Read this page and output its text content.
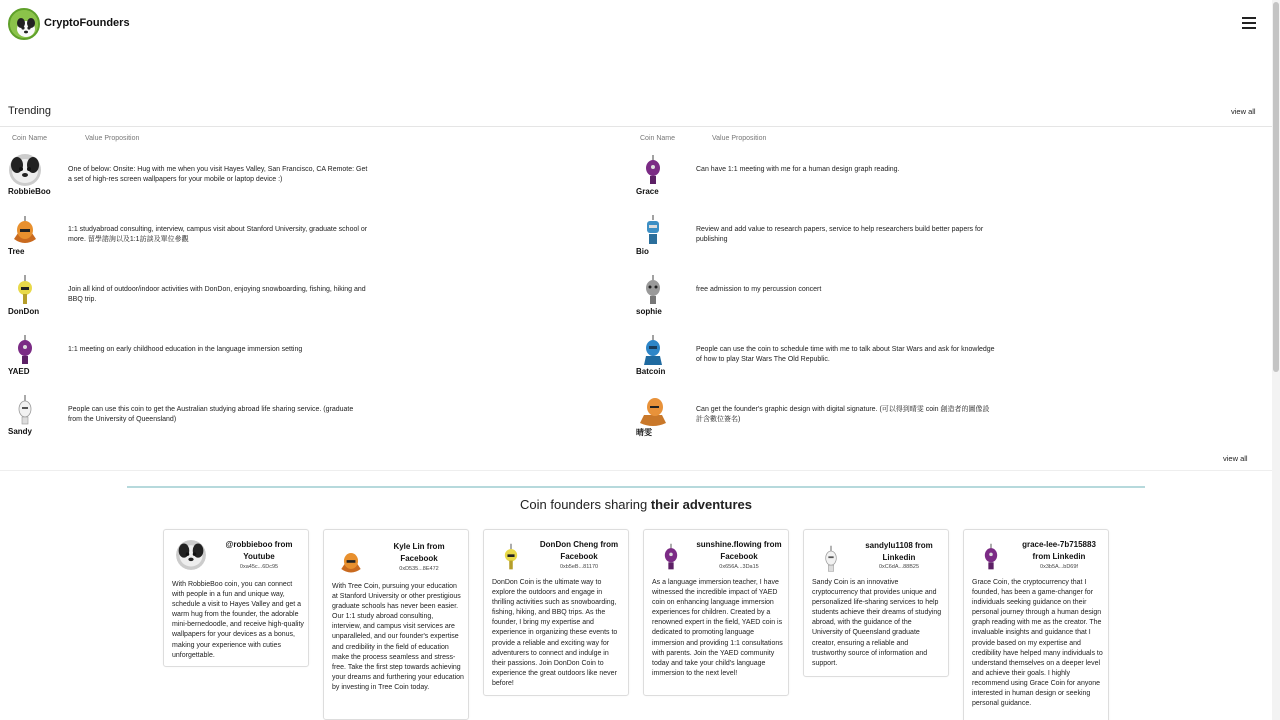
CryptoFounders
Trending	view all
Coin Name	Value Proposition	Coin Name	Value Proposition
RobbieBoo
One of below: Onsite: Hug with me when you visit Hayes Valley, San Francisco, CA Remote: Get a set of high-res screen wallpapers for your mobile or laptop device :)
Tree
1:1 studyabroad consulting, interview, campus visit about Stanford University, graduate school or more. 留學諮詢以及1:1訪談及單位參觀
DonDon
Join all kind of outdoor/indoor activities with DonDon, enjoying snowboarding, fishing, hiking and BBQ trip.
YAED
1:1 meeting on early childhood education in the language immersion setting
Sandy
People can use this coin to get the Australian studying abroad life sharing service. (graduate from the University of Queensland)
Grace
Can have 1:1 meeting with me for a human design graph reading.
Bio
Review and add value to research papers, service to help researchers build better papers for publishing
sophie
free admission to my percussion concert
Batcoin
People can use the coin to schedule time with me to talk about Star Wars and ask for knowledge of how to play Star Wars The Old Republic.
晴雯
Can get the founder's graphic design with digital signature. (可以得到晴雯 coin 創造者的圖像設計含數位簽名)
view all
Coin founders sharing their adventures
@robbieboo from Youtube
0xa45c...6Dc95
With RobbieBoo coin, you can connect with people in a fun and unique way, schedule a visit to Hayes Valley and get a warm hug from the founder, the adorable mini-bernedoodle, and receive high-quality wallpapers for your devices as a bonus, making your experience with cuties unforgettable.
Kyle Lin from Facebook
0xD535...8E472
With Tree Coin, pursuing your education at Stanford University or other prestigious graduate schools has never been easier. Our 1:1 study abroad consulting, interview, and campus visit services are unparalleled, and our founder's expertise and credibility in the field of education make the process seamless and stress-free. Take the first step towards achieving your dreams and furthering your education by investing in Tree Coin today.
DonDon Cheng from Facebook
0xb5eB...81170
DonDon Coin is the ultimate way to explore the outdoors and engage in thrilling activities such as snowboarding, fishing, hiking, and BBQ trips. As the founder, I bring my expertise and experience in organizing these events to provide a reliable and exciting way for adventurers to connect and indulge in their passions. Join DonDon Coin to experience the great outdoors like never before!
sunshine.flowing from Facebook
0x656A...3Da15
As a language immersion teacher, I have witnessed the incredible impact of YAED coin on enhancing language immersion experiences for children. Created by a renowned expert in the field, YAED coin is dedicated to promoting language immersion and providing 1:1 consultations with parents. Join the YAED community today and take your child's language immersion to the next level!
sandylu1108 from Linkedin
0xC6dA...88B25
Sandy Coin is an innovative cryptocurrency that provides unique and personalized life-sharing services to help students achieve their dreams of studying abroad, with the guidance of the University of Queensland graduate creator, ensuring a reliable and trustworthy source of information and support.
grace-lee-7b715883 from Linkedin
0x3b5A...bD69f
Grace Coin, the cryptocurrency that I founded, has been a game-changer for individuals seeking guidance on their personal journey through a human design graph reading with me as the creator. The invaluable insights and guidance that I provide based on my expertise and credibility have helped many individuals to understand themselves on a deeper level and achieve their goals. I highly recommend using Grace Coin for anyone interested in human design or seeking personal guidance.
